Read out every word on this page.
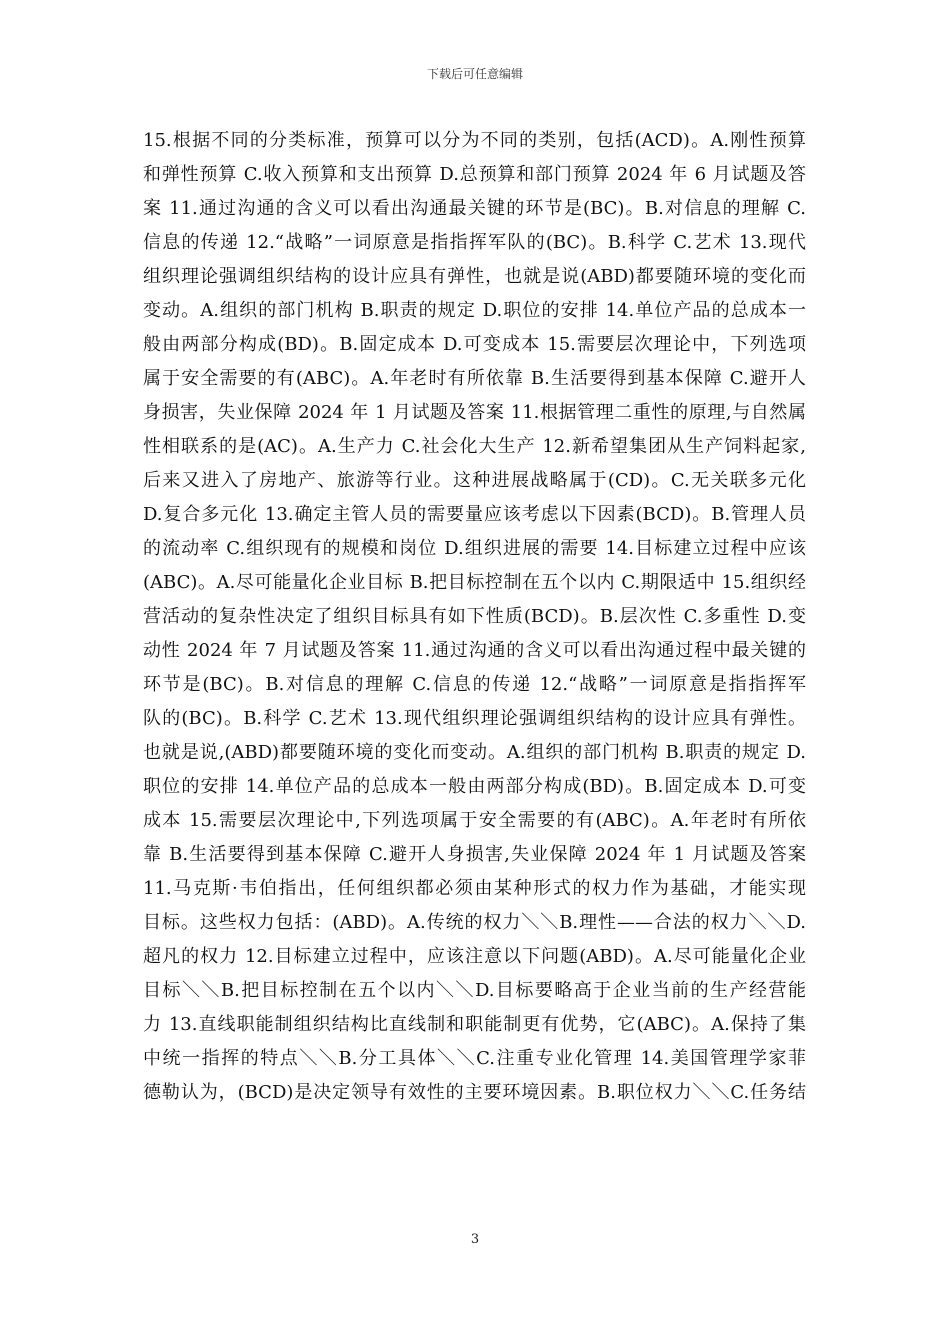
下载后可任意编辑
15.根据不同的分类标准，预算可以分为不同的类别，包括(ACD)。A.刚性预算
和弹性预算 C.收入预算和支出预算 D.总预算和部门预算 2024 年 6 月试题及答
案 11.通过沟通的含义可以看出沟通最关键的环节是(BC)。B.对信息的理解 C.
信息的传递 12.“战略”一词原意是指指挥军队的(BC)。B.科学 C.艺术 13.现代
组织理论强调组织结构的设计应具有弹性，也就是说(ABD)都要随环境的变化而
变动。A.组织的部门机构 B.职责的规定 D.职位的安排 14.单位产品的总成本一
般由两部分构成(BD)。B.固定成本 D.可变成本 15.需要层次理论中，下列选项
属于安全需要的有(ABC)。A.年老时有所依靠 B.生活要得到基本保障 C.避开人
身损害，失业保障 2024 年 1 月试题及答案 11.根据管理二重性的原理,与自然属
性相联系的是(AC)。A.生产力 C.社会化大生产 12.新希望集团从生产饲料起家,
后来又进入了房地产、旅游等行业。这种进展战略属于(CD)。C.无关联多元化
D.复合多元化 13.确定主管人员的需要量应该考虑以下因素(BCD)。B.管理人员
的流动率 C.组织现有的规模和岗位 D.组织进展的需要 14.目标建立过程中应该
(ABC)。A.尽可能量化企业目标 B.把目标控制在五个以内 C.期限适中 15.组织经
营活动的复杂性决定了组织目标具有如下性质(BCD)。B.层次性 C.多重性 D.变
动性 2024 年 7 月试题及答案 11.通过沟通的含义可以看出沟通过程中最关键的
环节是(BC)。B.对信息的理解 C.信息的传递 12.“战略”一词原意是指指挥军
队的(BC)。B.科学 C.艺术 13.现代组织理论强调组织结构的设计应具有弹性。
也就是说,(ABD)都要随环境的变化而变动。A.组织的部门机构 B.职责的规定 D.
职位的安排 14.单位产品的总成本一般由两部分构成(BD)。B.固定成本 D.可变
成本 15.需要层次理论中,下列选项属于安全需要的有(ABC)。A.年老时有所依
靠 B.生活要得到基本保障 C.避开人身损害,失业保障 2024 年 1 月试题及答案
11.马克斯·韦伯指出，任何组织都必须由某种形式的权力作为基础，才能实现
目标。这些权力包括：(ABD)。A.传统的权力＼＼B.理性——合法的权力＼＼D.
超凡的权力 12.目标建立过程中，应该注意以下问题(ABD)。A.尽可能量化企业
目标＼＼B.把目标控制在五个以内＼＼D.目标要略高于企业当前的生产经营能
力 13.直线职能制组织结构比直线制和职能制更有优势，它(ABC)。A.保持了集
中统一指挥的特点＼＼B.分工具体＼＼C.注重专业化管理 14.美国管理学家菲
德勒认为，(BCD)是决定领导有效性的主要环境因素。B.职位权力＼＼C.任务结
3
